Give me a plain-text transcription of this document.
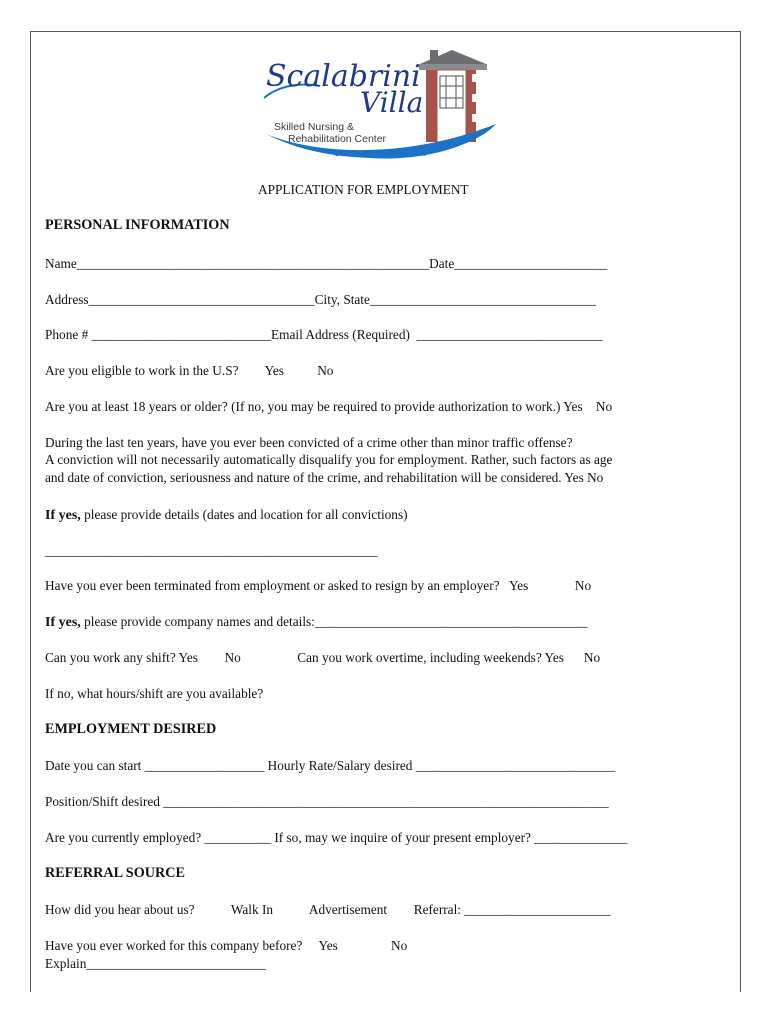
Scalabrini
Villa
Skilled Nursing &
Rehabilitation Center
ON NARRAGANSETT BAY
APPLICATION FOR EMPLOYMENT
PERSONAL INFORMATION
Name_____________________________________________________Date_______________________
Address__________________________________City, State__________________________________
Phone # ___________________________Email Address (Required)  ____________________________
Are you eligible to work in the U.S?        Yes          No
Are you at least 18 years or older? (If no, you may be required to provide authorization to work.) Yes    No
During the last ten years, have you ever been convicted of a crime other than minor traffic offense?
A conviction will not necessarily automatically disqualify you for employment. Rather, such factors as age
and date of conviction, seriousness and nature of the crime, and rehabilitation will be considered. Yes No
If yes, please provide details (dates and location for all convictions)
__________________________________________________
Have you ever been terminated from employment or asked to resign by an employer?   Yes              No
If yes, please provide company names and details:_________________________________________
Can you work any shift? Yes        No                 Can you work overtime, including weekends? Yes      No
If no, what hours/shift are you available?
EMPLOYMENT DESIRED
Date you can start __________________ Hourly Rate/Salary desired ______________________________
Position/Shift desired ___________________________________________________________________
Are you currently employed? __________ If so, may we inquire of your present employer? ______________
REFERRAL SOURCE
How did you hear about us?           Walk In           Advertisement        Referral: ______________________
Have you ever worked for this company before?     Yes                No
Explain___________________________
